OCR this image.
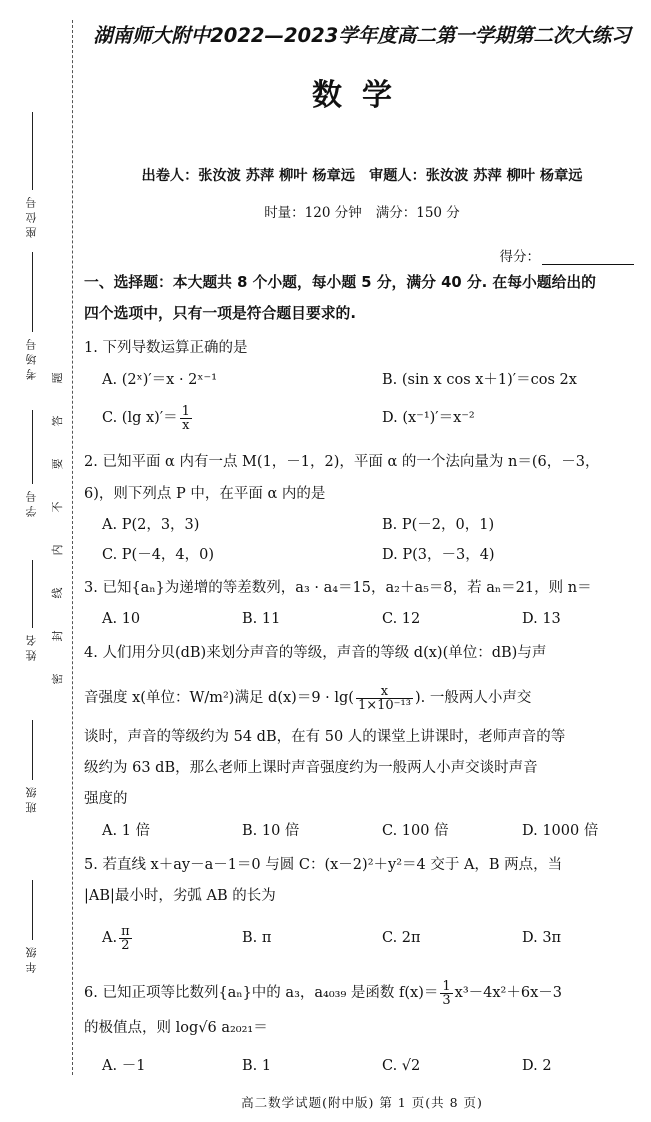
座位号
考场号
学号
姓名
班级
年级
题
答
要
不
内
线
封
密
湖南师大附中2022—2023学年度高二第一学期第二次大练习
数学
出卷人：张汝波 苏萍 柳叶 杨章远 审题人：张汝波 苏萍 柳叶 杨章远
时量：120 分钟 满分：150 分
得分：
一、选择题：本大题共 8 个小题，每小题 5 分，满分 40 分. 在每小题给出的
四个选项中，只有一项是符合题目要求的.
1. 下列导数运算正确的是
A. (2ˣ)′＝x · 2ˣ⁻¹	B. (sin x cos x＋1)′＝cos 2x
C. (lg $x)'= \frac{1}{x}$	D. (x⁻¹)′＝x⁻²
2. 已知平面 α 内有一点 M(1，－1，2)，平面 α 的一个法向量为 n＝(6，－3，
6)，则下列点 P 中，在平面 α 内的是
A. P(2，3，3)	B. P(－2，0，1)
C. P(－4，4，0)	D. P(3，－3，4)
3. 已知{aₙ}为递增的等差数列，a₃ · a₄＝15，a₂＋a₅＝8，若 aₙ＝21，则 n＝
A. 10	B. 11	C. 12	D. 13
4. 人们用分贝(dB)来划分声音的等级，声音的等级 d(x)(单位：dB)与声
音强度 x(单位：W/m²)满足 $d(x)=9 \cdot \lg( \frac{x}{\text{1×10⁻¹³}}$ ). 一般两人小声交
谈时，声音的等级约为 54 dB，在有 50 人的课堂上讲课时，老师声音的等
级约为 63 dB，那么老师上课时声音强度约为一般两人小声交谈时声音
强度的
A. 1 倍	B. 10 倍	C. 100 倍	D. 1000 倍
5. 若直线 x＋ay－a－1＝0 与圆 C：(x－2)²＋y²＝4 交于 A，B 两点，当
|AB|最小时，劣弧 AB 的长为
A. $\frac{\pi}{2}$	B. π	C. 2π	D. 3π
6. 已知正项等比数列{aₙ}中的 a₃，a₄₀₃₉ 是函数 $f(x)= \frac{1}{3} x^3-4x^2+6x-3$
的极值点，则 log√6 a₂₀₂₁＝
A. －1	B. 1	C. √2	D. 2
高二数学试题(附中版) 第 1 页(共 8 页)
